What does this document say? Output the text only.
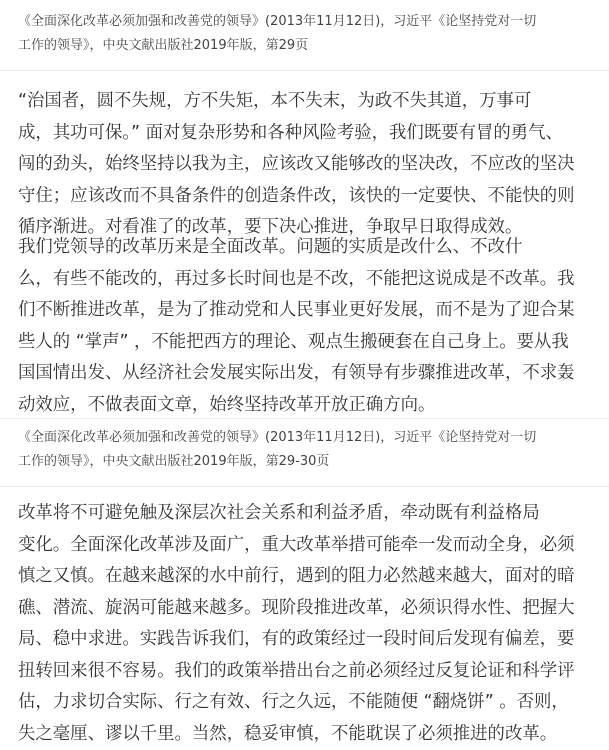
《全面深化改革必须加强和改善党的领导》(2013年11月12日)，习近平《论坚持党对一切
工作的领导》，中央文献出版社2019年版，第29页
“治国者，圆不失规，方不失矩，本不失末，为政不失其道，万事可
成，其功可保。” 面对复杂形势和各种风险考验，我们既要有冒的勇气、
闯的劲头，始终坚持以我为主，应该改又能够改的坚决改，不应改的坚决
守住；应该改而不具备条件的创造条件改，该快的一定要快、不能快的则
循序渐进。对看准了的改革，要下决心推进，争取早日取得成效。
我们党领导的改革历来是全面改革。问题的实质是改什么、不改什
么，有些不能改的，再过多长时间也是不改，不能把这说成是不改革。我
们不断推进改革，是为了推动党和人民事业更好发展，而不是为了迎合某
些人的 “掌声” ，不能把西方的理论、观点生搬硬套在自己身上。要从我
国国情出发、从经济社会发展实际出发，有领导有步骤推进改革，不求轰
动效应，不做表面文章，始终坚持改革开放正确方向。
《全面深化改革必须加强和改善党的领导》(2013年11月12日)，习近平《论坚持党对一切
工作的领导》，中央文献出版社2019年版，第29-30页
改革将不可避免触及深层次社会关系和利益矛盾，牵动既有利益格局
变化。全面深化改革涉及面广，重大改革举措可能牵一发而动全身，必须
慎之又慎。在越来越深的水中前行，遇到的阻力必然越来越大，面对的暗
礁、潜流、旋涡可能越来越多。现阶段推进改革，必须识得水性、把握大
局、稳中求进。实践告诉我们，有的政策经过一段时间后发现有偏差，要
扭转回来很不容易。我们的政策举措出台之前必须经过反复论证和科学评
估，力求切合实际、行之有效、行之久远，不能随便 “翻烧饼” 。否则，
失之毫厘、谬以千里。当然，稳妥审慎，不能耽误了必须推进的改革。
